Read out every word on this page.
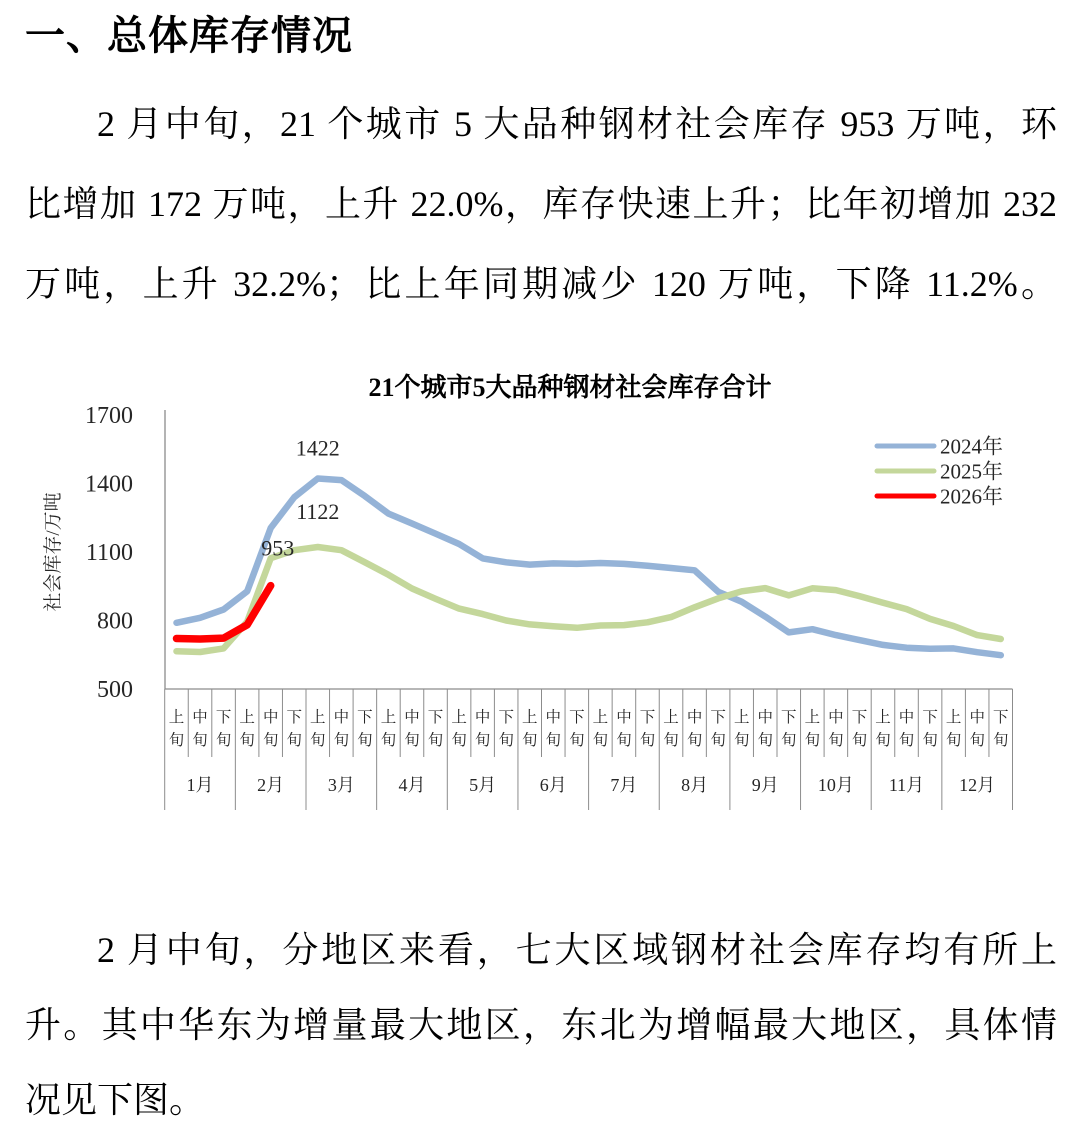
一、总体库存情况
2 月中旬，21 个城市 5 大品种钢材社会库存 953 万吨，环
比增加 172 万吨，上升 22.0%，库存快速上升；比年初增加 232
万吨，上升 32.2%；比上年同期减少 120 万吨，下降 11.2%。
21个城市5大品种钢材社会库存合计
1700
1400
1100
800
500
社会库存/万吨
上旬
中旬
下旬
上旬
中旬
下旬
上旬
中旬
下旬
上旬
中旬
下旬
上旬
中旬
下旬
上旬
中旬
下旬
上旬
中旬
下旬
上旬
中旬
下旬
上旬
中旬
下旬
上旬
中旬
下旬
上旬
中旬
下旬
上旬
中旬
下旬
1月 2月 3月 4月 5月 6月 7月 8月 9月 10月 11月 12月
1422
1122
953
2024年
2025年
2026年
2 月中旬，分地区来看，七大区域钢材社会库存均有所上
升。其中华东为增量最大地区，东北为增幅最大地区，具体情
况见下图。
